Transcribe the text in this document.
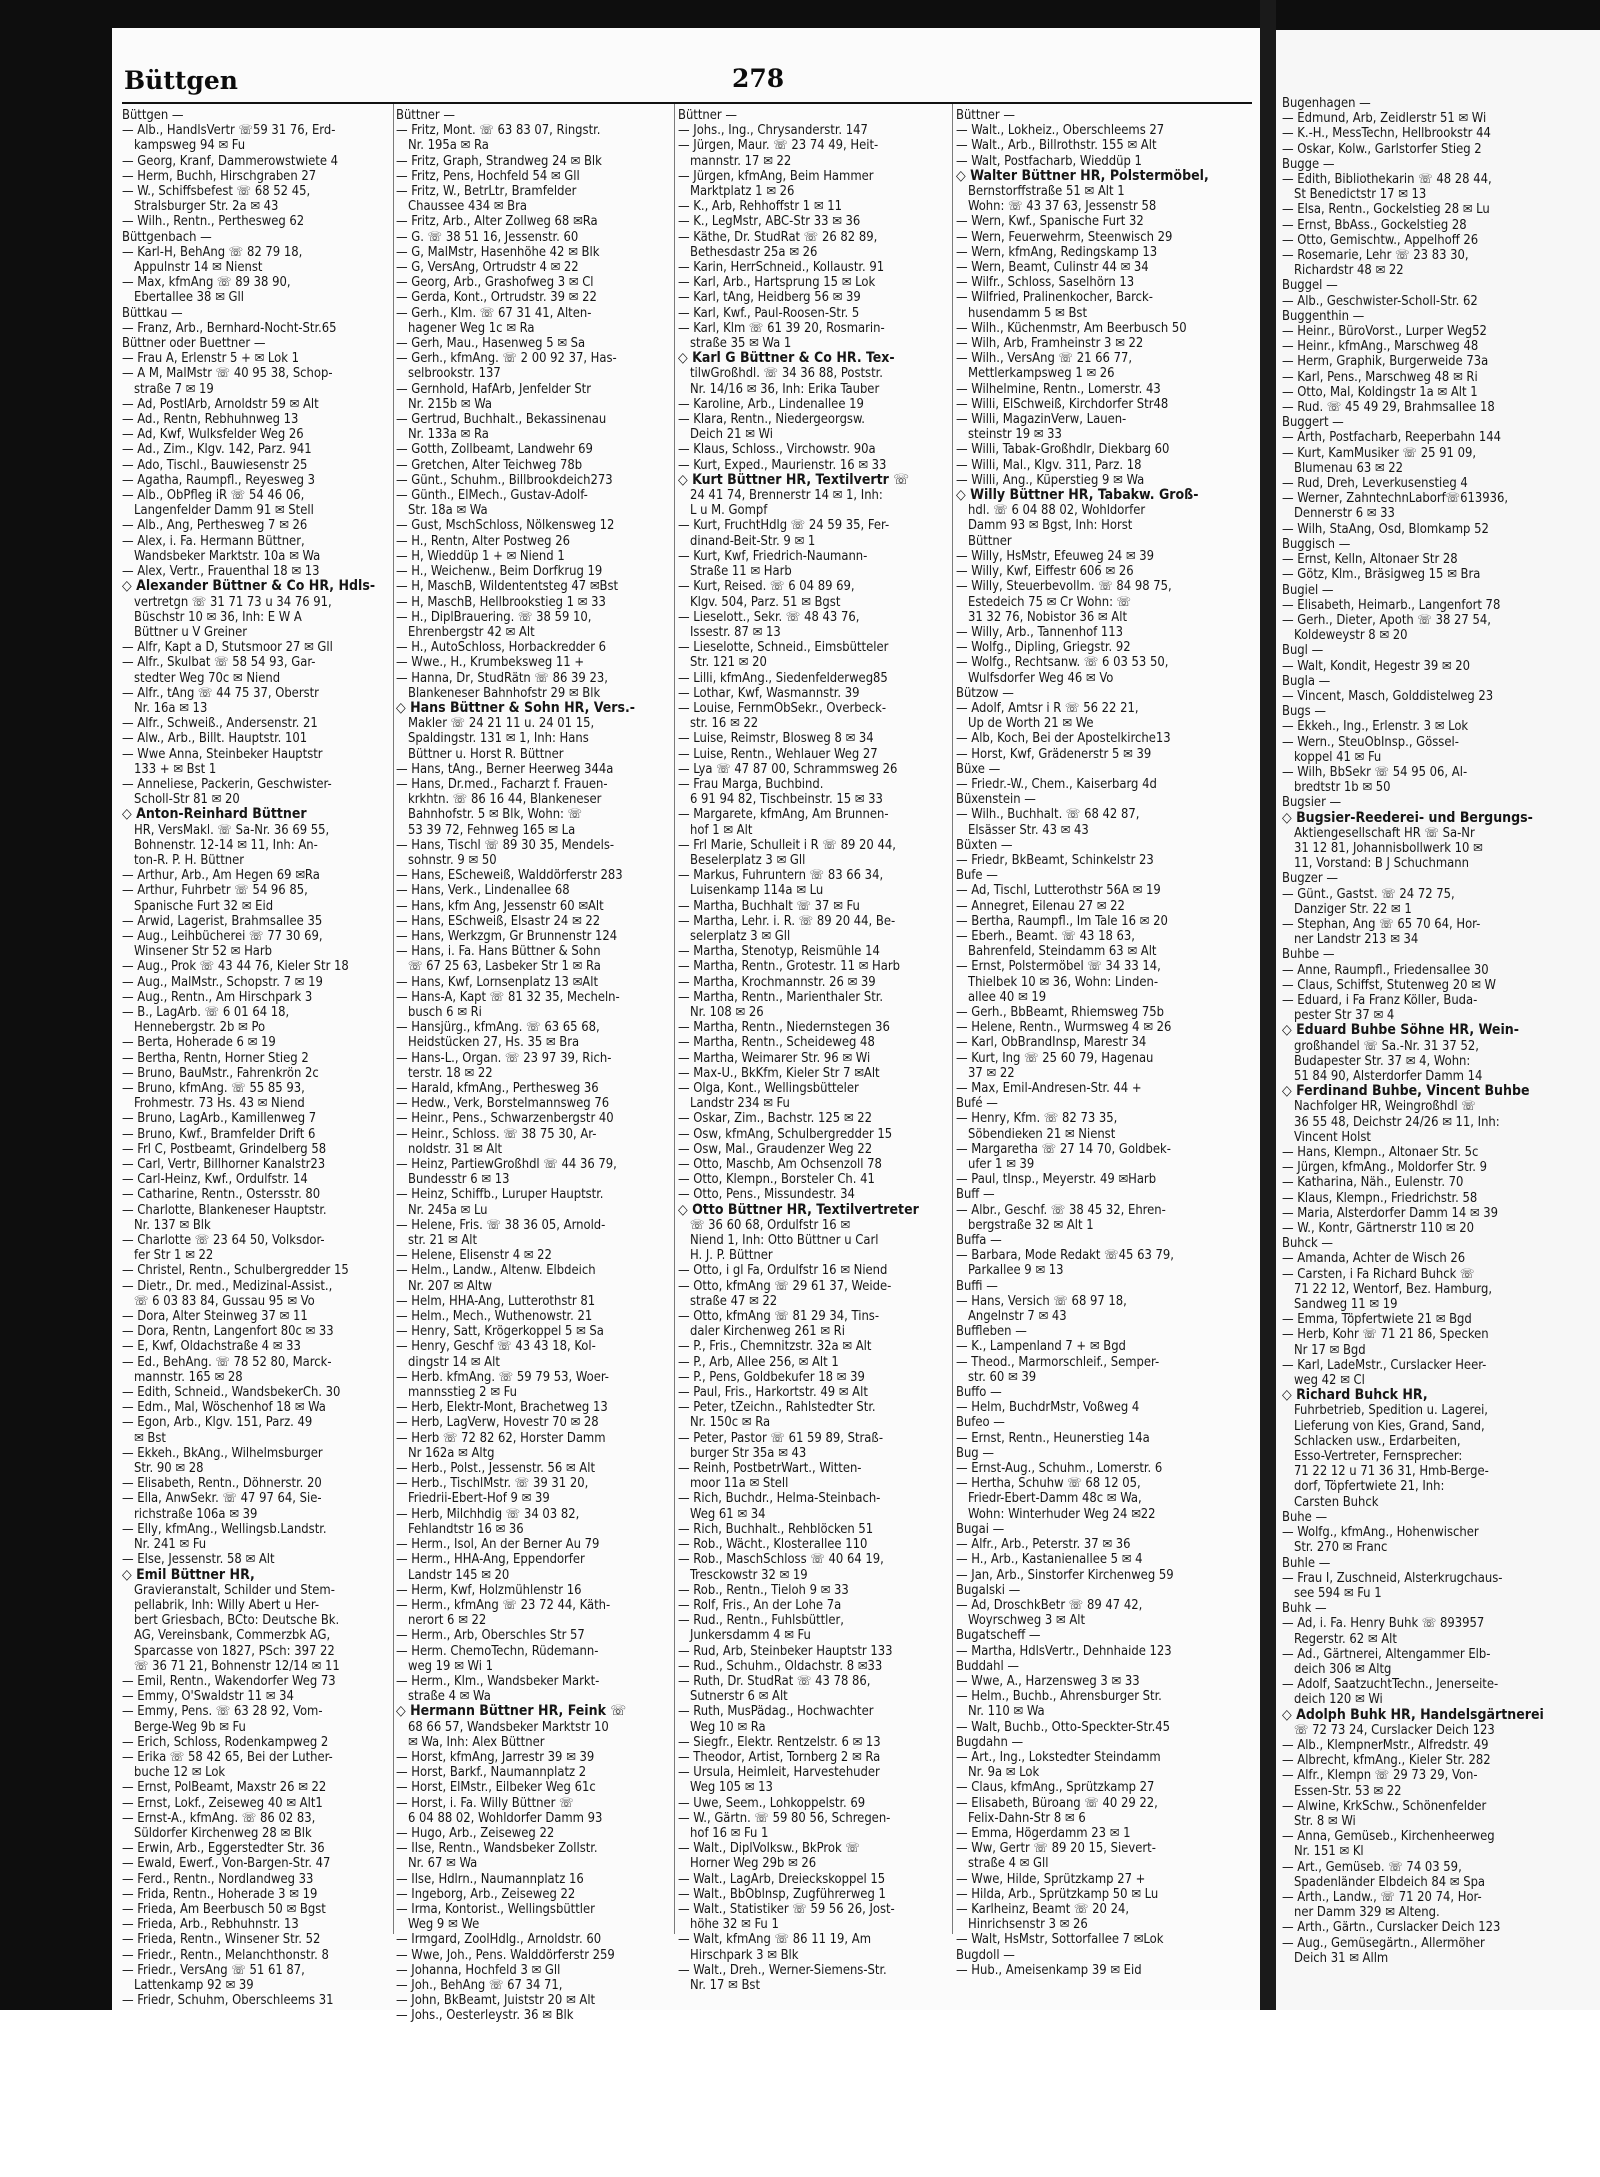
Büttgen	278
Büttgen —
— Alb., HandlsVertr ☏59 31 76, Erd-
kampsweg 94 ✉ Fu
— Georg, Kranf, Dammerowstwiete 4
— Herm, Buchh, Hirschgraben 27
— W., Schiffsbefest ☏ 68 52 45,
Stralsburger Str. 2a ✉ 43
— Wilh., Rentn., Perthesweg 62
Büttgenbach —
— Karl-H, BehAng ☏ 82 79 18,
Appulnstr 14 ✉ Nienst
— Max, kfmAng ☏ 89 38 90,
Ebertallee 38 ✉ Gll
Büttkau —
— Franz, Arb., Bernhard-Nocht-Str.65
Büttner oder Buettner —
— Frau A, Erlenstr 5 + ✉ Lok 1
— A M, MalMstr ☏ 40 95 38, Schop-
straße 7 ✉ 19
— Ad, PostlArb, Arnoldstr 59 ✉ Alt
— Ad., Rentn, Rebhuhnweg 13
— Ad, Kwf, Wulksfelder Weg 26
— Ad., Zim., Klgv. 142, Parz. 941
— Ado, Tischl., Bauwiesenstr 25
— Agatha, Raumpfl., Reyesweg 3
— Alb., ObPfleg iR ☏ 54 46 06,
Langenfelder Damm 91 ✉ Stell
— Alb., Ang, Perthesweg 7 ✉ 26
— Alex, i. Fa. Hermann Büttner,
Wandsbeker Marktstr. 10a ✉ Wa
— Alex, Vertr., Frauenthal 18 ✉ 13
◇ Alexander Büttner & Co HR, Hdls-
vertretgn ☏ 31 71 73 u 34 76 91,
Büschstr 10 ✉ 36, Inh: E W A
Büttner u V Greiner
— Alfr, Kapt a D, Stutsmoor 27 ✉ Gll
— Alfr., Skulbat ☏ 58 54 93, Gar-
stedter Weg 70c ✉ Niend
— Alfr., tAng ☏ 44 75 37, Oberstr
Nr. 16a ✉ 13
— Alfr., Schweiß., Andersenstr. 21
— Alw., Arb., Billt. Hauptstr. 101
— Wwe Anna, Steinbeker Hauptstr
133 + ✉ Bst 1
— Anneliese, Packerin, Geschwister-
Scholl-Str 81 ✉ 20
◇ Anton-Reinhard Büttner
HR, VersMakl. ☏ Sa-Nr. 36 69 55,
Bohnenstr. 12-14 ✉ 11, Inh: An-
ton-R. P. H. Büttner
— Arthur, Arb., Am Hegen 69 ✉Ra
— Arthur, Fuhrbetr ☏ 54 96 85,
Spanische Furt 32 ✉ Eid
— Arwid, Lagerist, Brahmsallee 35
— Aug., Leihbücherei ☏ 77 30 69,
Winsener Str 52 ✉ Harb
— Aug., Prok ☏ 43 44 76, Kieler Str 18
— Aug., MalMstr., Schopstr. 7 ✉ 19
— Aug., Rentn., Am Hirschpark 3
— B., LagArb. ☏ 6 01 64 18,
Hennebergstr. 2b ✉ Po
— Berta, Hoherade 6 ✉ 19
— Bertha, Rentn, Horner Stieg 2
— Bruno, BauMstr., Fahrenkrön 2c
— Bruno, kfmAng. ☏ 55 85 93,
Frohmestr. 73 Hs. 43 ✉ Niend
— Bruno, LagArb., Kamillenweg 7
— Bruno, Kwf., Bramfelder Drift 6
— Frl C, Postbeamt, Grindelberg 58
— Carl, Vertr, Billhorner Kanalstr23
— Carl-Heinz, Kwf., Ordulfstr. 14
— Catharine, Rentn., Ostersstr. 80
— Charlotte, Blankeneser Hauptstr.
Nr. 137 ✉ Blk
— Charlotte ☏ 23 64 50, Volksdor-
fer Str 1 ✉ 22
— Christel, Rentn., Schulbergredder 15
— Dietr., Dr. med., Medizinal-Assist.,
☏ 6 03 83 84, Gussau 95 ✉ Vo
— Dora, Alter Steinweg 37 ✉ 11
— Dora, Rentn, Langenfort 80c ✉ 33
— E, Kwf, Oldachstraße 4 ✉ 33
— Ed., BehAng. ☏ 78 52 80, Marck-
mannstr. 165 ✉ 28
— Edith, Schneid., WandsbekerCh. 30
— Edm., Mal, Wöschenhof 18 ✉ Wa
— Egon, Arb., Klgv. 151, Parz. 49
✉ Bst
— Ekkeh., BkAng., Wilhelmsburger
Str. 90 ✉ 28
— Elisabeth, Rentn., Döhnerstr. 20
— Ella, AnwSekr. ☏ 47 97 64, Sie-
richstraße 106a ✉ 39
— Elly, kfmAng., Wellingsb.Landstr.
Nr. 241 ✉ Fu
— Else, Jessenstr. 58 ✉ Alt
◇ Emil Büttner HR,
Gravieranstalt, Schilder und Stem-
pellabrik, Inh: Willy Abert u Her-
bert Griesbach, BCto: Deutsche Bk.
AG, Vereinsbank, Commerzbk AG,
Sparcasse von 1827, PSch: 397 22
☏ 36 71 21, Bohnenstr 12/14 ✉ 11
— Emil, Rentn., Wakendorfer Weg 73
— Emmy, O'Swaldstr 11 ✉ 34
— Emmy, Pens. ☏ 63 28 92, Vom-
Berge-Weg 9b ✉ Fu
— Erich, Schloss, Rodenkampweg 2
— Erika ☏ 58 42 65, Bei der Luther-
buche 12 ✉ Lok
— Ernst, PolBeamt, Maxstr 26 ✉ 22
— Ernst, Lokf., Zeiseweg 40 ✉ Alt1
— Ernst-A., kfmAng. ☏ 86 02 83,
Süldorfer Kirchenweg 28 ✉ Blk
— Erwin, Arb., Eggerstedter Str. 36
— Ewald, Ewerf., Von-Bargen-Str. 47
— Ferd., Rentn., Nordlandweg 33
— Frida, Rentn., Hoherade 3 ✉ 19
— Frieda, Am Beerbusch 50 ✉ Bgst
— Frieda, Arb., Rebhuhnstr. 13
— Frieda, Rentn., Winsener Str. 52
— Friedr., Rentn., Melanchthonstr. 8
— Friedr., VersAng ☏ 51 61 87,
Lattenkamp 92 ✉ 39
— Friedr, Schuhm, Oberschleems 31
Büttner —
— Fritz, Mont. ☏ 63 83 07, Ringstr.
Nr. 195a ✉ Ra
— Fritz, Graph, Strandweg 24 ✉ Blk
— Fritz, Pens, Hochfeld 54 ✉ Gll
— Fritz, W., BetrLtr, Bramfelder
Chaussee 434 ✉ Bra
— Fritz, Arb., Alter Zollweg 68 ✉Ra
— G. ☏ 38 51 16, Jessenstr. 60
— G, MalMstr, Hasenhöhe 42 ✉ Blk
— G, VersAng, Ortrudstr 4 ✉ 22
— Georg, Arb., Grashofweg 3 ✉ Cl
— Gerda, Kont., Ortrudstr. 39 ✉ 22
— Gerh., Klm. ☏ 67 31 41, Alten-
hagener Weg 1c ✉ Ra
— Gerh, Mau., Hasenweg 5 ✉ Sa
— Gerh., kfmAng. ☏ 2 00 92 37, Has-
selbrookstr. 137
— Gernhold, HafArb, Jenfelder Str
Nr. 215b ✉ Wa
— Gertrud, Buchhalt., Bekassinenau
Nr. 133a ✉ Ra
— Gotth, Zollbeamt, Landwehr 69
— Gretchen, Alter Teichweg 78b
— Günt., Schuhm., Billbrookdeich273
— Günth., ElMech., Gustav-Adolf-
Str. 18a ✉ Wa
— Gust, MschSchloss, Nölkensweg 12
— H., Rentn, Alter Postweg 26
— H, Wieddüp 1 + ✉ Niend 1
— H., Weichenw., Beim Dorfkrug 19
— H, MaschB, Wildententsteg 47 ✉Bst
— H, MaschB, Hellbrookstieg 1 ✉ 33
— H., DiplBrauering. ☏ 38 59 10,
Ehrenbergstr 42 ✉ Alt
— H., AutoSchloss, Horbackredder 6
— Wwe., H., Krumbeksweg 11 +
— Hanna, Dr, StudRätn ☏ 86 39 23,
Blankeneser Bahnhofstr 29 ✉ Blk
◇ Hans Büttner & Sohn HR, Vers.-
Makler ☏ 24 21 11 u. 24 01 15,
Spaldingstr. 131 ✉ 1, Inh: Hans
Büttner u. Horst R. Büttner
— Hans, tAng., Berner Heerweg 344a
— Hans, Dr.med., Facharzt f. Frauen-
krkhtn. ☏ 86 16 44, Blankeneser
Bahnhofstr. 5 ✉ Blk, Wohn: ☏
53 39 72, Fehnweg 165 ✉ La
— Hans, Tischl ☏ 89 30 35, Mendels-
sohnstr. 9 ✉ 50
— Hans, EScheweiß, Walddörferstr 283
— Hans, Verk., Lindenallee 68
— Hans, kfm Ang, Jessenstr 60 ✉Alt
— Hans, ESchweiß, Elsastr 24 ✉ 22
— Hans, Werkzgm, Gr Brunnenstr 124
— Hans, i. Fa. Hans Büttner & Sohn
☏ 67 25 63, Lasbeker Str 1 ✉ Ra
— Hans, Kwf, Lornsenplatz 13 ✉Alt
— Hans-A, Kapt ☏ 81 32 35, Mecheln-
busch 6 ✉ Ri
— Hansjürg., kfmAng. ☏ 63 65 68,
Heidstücken 27, Hs. 35 ✉ Bra
— Hans-L., Organ. ☏ 23 97 39, Rich-
terstr. 18 ✉ 22
— Harald, kfmAng., Perthesweg 36
— Hedw., Verk, Borstelmannsweg 76
— Heinr., Pens., Schwarzenbergstr 40
— Heinr., Schloss. ☏ 38 75 30, Ar-
noldstr. 31 ✉ Alt
— Heinz, PartiewGroßhdl ☏ 44 36 79,
Bundesstr 6 ✉ 13
— Heinz, Schiffb., Luruper Hauptstr.
Nr. 245a ✉ Lu
— Helene, Fris. ☏ 38 36 05, Arnold-
str. 21 ✉ Alt
— Helene, Elisenstr 4 ✉ 22
— Helm., Landw., Altenw. Elbdeich
Nr. 207 ✉ Altw
— Helm, HHA-Ang, Lutterothstr 81
— Helm., Mech., Wuthenowstr. 21
— Henry, Satt, Krögerkoppel 5 ✉ Sa
— Henry, Geschf ☏ 43 43 18, Kol-
dingstr 14 ✉ Alt
— Herb. kfmAng. ☏ 59 79 53, Woer-
mannsstieg 2 ✉ Fu
— Herb, Elektr-Mont, Brachetweg 13
— Herb, LagVerw, Hovestr 70 ✉ 28
— Herb ☏ 72 82 62, Horster Damm
Nr 162a ✉ Altg
— Herb., Polst., Jessenstr. 56 ✉ Alt
— Herb., TischlMstr. ☏ 39 31 20,
Friedrii-Ebert-Hof 9 ✉ 39
— Herb, Milchhdig ☏ 34 03 82,
Fehlandtstr 16 ✉ 36
— Herm., Isol, An der Berner Au 79
— Herm., HHA-Ang, Eppendorfer
Landstr 145 ✉ 20
— Herm, Kwf, Holzmühlenstr 16
— Herm., kfmAng ☏ 23 72 44, Käth-
nerort 6 ✉ 22
— Herm., Arb, Oberschles Str 57
— Herm. ChemoTechn, Rüdemann-
weg 19 ✉ Wi 1
— Herm., Klm., Wandsbeker Markt-
straße 4 ✉ Wa
◇ Hermann Büttner HR, Feink ☏
68 66 57, Wandsbeker Marktstr 10
✉ Wa, Inh: Alex Büttner
— Horst, kfmAng, Jarrestr 39 ✉ 39
— Horst, Barkf., Naumannplatz 2
— Horst, ElMstr., Eilbeker Weg 61c
— Horst, i. Fa. Willy Büttner ☏
6 04 88 02, Wohldorfer Damm 93
— Hugo, Arb., Zeiseweg 22
— Ilse, Rentn., Wandsbeker Zollstr.
Nr. 67 ✉ Wa
— Ilse, Hdlrn., Naumannplatz 16
— Ingeborg, Arb., Zeiseweg 22
— Irma, Kontorist., Wellingsbüttler
Weg 9 ✉ We
— Irmgard, ZoolHdlg., Arnoldstr. 60
— Wwe, Joh., Pens. Walddörferstr 259
— Johanna, Hochfeld 3 ✉ Gll
— Joh., BehAng ☏ 67 34 71,
— John, BkBeamt, Juiststr 20 ✉ Alt
— Johs., Oesterleystr. 36 ✉ Blk
Büttner —
— Johs., Ing., Chrysanderstr. 147
— Jürgen, Maur. ☏ 23 74 49, Heit-
mannstr. 17 ✉ 22
— Jürgen, kfmAng, Beim Hammer
Marktplatz 1 ✉ 26
— K., Arb, Rehhoffstr 1 ✉ 11
— K., LegMstr, ABC-Str 33 ✉ 36
— Käthe, Dr. StudRat ☏ 26 82 89,
Bethesdastr 25a ✉ 26
— Karin, HerrSchneid., Kollaustr. 91
— Karl, Arb., Hartsprung 15 ✉ Lok
— Karl, tAng, Heidberg 56 ✉ 39
— Karl, Kwf., Paul-Roosen-Str. 5
— Karl, Klm ☏ 61 39 20, Rosmarin-
straße 35 ✉ Wa 1
◇ Karl G Büttner & Co HR. Tex-
tilwGroßhdl. ☏ 34 36 88, Poststr.
Nr. 14/16 ✉ 36, Inh: Erika Tauber
— Karoline, Arb., Lindenallee 19
— Klara, Rentn., Niedergeorgsw.
Deich 21 ✉ Wi
— Klaus, Schloss., Virchowstr. 90a
— Kurt, Exped., Maurienstr. 16 ✉ 33
◇ Kurt Büttner HR, Textilvertr ☏
24 41 74, Brennerstr 14 ✉ 1, Inh:
L u M. Gompf
— Kurt, FruchtHdlg ☏ 24 59 35, Fer-
dinand-Beit-Str. 9 ✉ 1
— Kurt, Kwf, Friedrich-Naumann-
Straße 11 ✉ Harb
— Kurt, Reised. ☏ 6 04 89 69,
Klgv. 504, Parz. 51 ✉ Bgst
— Lieselott., Sekr. ☏ 48 43 76,
Issestr. 87 ✉ 13
— Lieselotte, Schneid., Eimsbütteler
Str. 121 ✉ 20
— Lilli, kfmAng., Siedenfelderweg85
— Lothar, Kwf, Wasmannstr. 39
— Louise, FernmObSekr., Overbeck-
str. 16 ✉ 22
— Luise, Reimstr, Blosweg 8 ✉ 34
— Luise, Rentn., Wehlauer Weg 27
— Lya ☏ 47 87 00, Schrammsweg 26
— Frau Marga, Buchbind.
6 91 94 82, Tischbeinstr. 15 ✉ 33
— Margarete, kfmAng, Am Brunnen-
hof 1 ✉ Alt
— Frl Marie, Schulleit i R ☏ 89 20 44,
Beselerplatz 3 ✉ Gll
— Markus, Fuhruntern ☏ 83 66 34,
Luisenkamp 114a ✉ Lu
— Martha, Buchhalt ☏ 37 ✉ Fu
— Martha, Lehr. i. R. ☏ 89 20 44, Be-
selerplatz 3 ✉ Gll
— Martha, Stenotyp, Reismühle 14
— Martha, Rentn., Grotestr. 11 ✉ Harb
— Martha, Krochmannstr. 26 ✉ 39
— Martha, Rentn., Marienthaler Str.
Nr. 108 ✉ 26
— Martha, Rentn., Niedernstegen 36
— Martha, Rentn., Scheideweg 48
— Martha, Weimarer Str. 96 ✉ Wi
— Max-U., BkKfm, Kieler Str 7 ✉Alt
— Olga, Kont., Wellingsbütteler
Landstr 234 ✉ Fu
— Oskar, Zim., Bachstr. 125 ✉ 22
— Osw, kfmAng, Schulbergredder 15
— Osw, Mal., Graudenzer Weg 22
— Otto, Maschb, Am Ochsenzoll 78
— Otto, Klempn., Borsteler Ch. 41
— Otto, Pens., Missundestr. 34
◇ Otto Büttner HR, Textilvertreter
☏ 36 60 68, Ordulfstr 16 ✉
Niend 1, Inh: Otto Büttner u Carl
H. J. P. Büttner
— Otto, i gl Fa, Ordulfstr 16 ✉ Niend
— Otto, kfmAng ☏ 29 61 37, Weide-
straße 47 ✉ 22
— Otto, kfmAng ☏ 81 29 34, Tins-
daler Kirchenweg 261 ✉ Ri
— P., Fris., Chemnitzstr. 32a ✉ Alt
— P., Arb, Allee 256, ✉ Alt 1
— P., Pens, Goldbekufer 18 ✉ 39
— Paul, Fris., Harkortstr. 49 ✉ Alt
— Peter, tZeichn., Rahlstedter Str.
Nr. 150c ✉ Ra
— Peter, Pastor ☏ 61 59 89, Straß-
burger Str 35a ✉ 43
— Reinh, PostbetrWart., Witten-
moor 11a ✉ Stell
— Rich, Buchdr., Helma-Steinbach-
Weg 61 ✉ 34
— Rich, Buchhalt., Rehblöcken 51
— Rob., Wächt., Klosterallee 110
— Rob., MaschSchloss ☏ 40 64 19,
Tresckowstr 32 ✉ 19
— Rob., Rentn., Tieloh 9 ✉ 33
— Rolf, Fris., An der Lohe 7a
— Rud., Rentn., Fuhlsbüttler,
Junkersdamm 4 ✉ Fu
— Rud, Arb, Steinbeker Hauptstr 133
— Rud., Schuhm., Oldachstr. 8 ✉33
— Ruth, Dr. StudRat ☏ 43 78 86,
Sutnerstr 6 ✉ Alt
— Ruth, MusPädag., Hochwachter
Weg 10 ✉ Ra
— Siegfr., Elektr. Rentzelstr. 6 ✉ 13
— Theodor, Artist, Tornberg 2 ✉ Ra
— Ursula, Heimleit, Harvestehuder
Weg 105 ✉ 13
— Uwe, Seem., Lohkoppelstr. 69
— W., Gärtn. ☏ 59 80 56, Schregen-
hof 16 ✉ Fu 1
— Walt., DiplVolksw., BkProk ☏
Horner Weg 29b ✉ 26
— Walt., LagArb, Dreieckskoppel 15
— Walt., BbOblnsp, Zugführerweg 1
— Walt., Statistiker ☏ 59 56 26, Jost-
höhe 32 ✉ Fu 1
— Walt, kfmAng ☏ 86 11 19, Am
Hirschpark 3 ✉ Blk
— Walt., Dreh., Werner-Siemens-Str.
Nr. 17 ✉ Bst
Büttner —
— Walt., Lokheiz., Oberschleems 27
— Walt., Arb., Billrothstr. 155 ✉ Alt
— Walt, Postfacharb, Wieddüp 1
◇ Walter Büttner HR, Polstermöbel,
Bernstorffstraße 51 ✉ Alt 1
Wohn: ☏ 43 37 63, Jessenstr 58
— Wern, Kwf., Spanische Furt 32
— Wern, Feuerwehrm, Steenwisch 29
— Wern, kfmAng, Redingskamp 13
— Wern, Beamt, Culinstr 44 ✉ 34
— Wilfr., Schloss, Saselhörn 13
— Wilfried, Pralinenkocher, Barck-
husendamm 5 ✉ Bst
— Wilh., Küchenmstr, Am Beerbusch 50
— Wilh, Arb, Framheinstr 3 ✉ 22
— Wilh., VersAng ☏ 21 66 77,
Mettlerkampsweg 1 ✉ 26
— Wilhelmine, Rentn., Lomerstr. 43
— Willi, ElSchweiß, Kirchdorfer Str48
— Willi, MagazinVerw, Lauen-
steinstr 19 ✉ 33
— Willi, Tabak-Großhdlr, Diekbarg 60
— Willi, Mal., Klgv. 311, Parz. 18
— Willi, Ang., Küperstieg 9 ✉ Wa
◇ Willy Büttner HR, Tabakw. Groß-
hdl. ☏ 6 04 88 02, Wohldorfer
Damm 93 ✉ Bgst, Inh: Horst
Büttner
— Willy, HsMstr, Efeuweg 24 ✉ 39
— Willy, Kwf, Eiffestr 606 ✉ 26
— Willy, Steuerbevollm. ☏ 84 98 75,
Estedeich 75 ✉ Cr Wohn: ☏
31 32 76, Nobistor 36 ✉ Alt
— Willy, Arb., Tannenhof 113
— Wolfg., Dipling, Griegstr. 92
— Wolfg., Rechtsanw. ☏ 6 03 53 50,
Wulfsdorfer Weg 46 ✉ Vo
Bützow —
— Adolf, Amtsr i R ☏ 56 22 21,
Up de Worth 21 ✉ We
— Alb, Koch, Bei der Apostelkirche13
— Horst, Kwf, Grädenerstr 5 ✉ 39
Büxe —
— Friedr.-W., Chem., Kaiserbarg 4d
Büxenstein —
— Wilh., Buchhalt. ☏ 68 42 87,
Elsässer Str. 43 ✉ 43
Büxten —
— Friedr, BkBeamt, Schinkelstr 23
Bufe —
— Ad, Tischl, Lutterothstr 56A ✉ 19
— Annegret, Eilenau 27 ✉ 22
— Bertha, Raumpfl., Im Tale 16 ✉ 20
— Eberh., Beamt. ☏ 43 18 63,
Bahrenfeld, Steindamm 63 ✉ Alt
— Ernst, Polstermöbel ☏ 34 33 14,
Thielbek 10 ✉ 36, Wohn: Linden-
allee 40 ✉ 19
— Gerh., BbBeamt, Rhiemsweg 75b
— Helene, Rentn., Wurmsweg 4 ✉ 26
— Karl, ObBrandInsp, Marestr 34
— Kurt, Ing ☏ 25 60 79, Hagenau
37 ✉ 22
— Max, Emil-Andresen-Str. 44 +
Bufé —
— Henry, Kfm. ☏ 82 73 35,
Söbendieken 21 ✉ Nienst
— Margaretha ☏ 27 14 70, Goldbek-
ufer 1 ✉ 39
— Paul, tInsp., Meyerstr. 49 ✉Harb
Buff —
— Albr., Geschf. ☏ 38 45 32, Ehren-
bergstraße 32 ✉ Alt 1
Buffa —
— Barbara, Mode Redakt ☏45 63 79,
Parkallee 9 ✉ 13
Buffi —
— Hans, Versich ☏ 68 97 18,
Angelnstr 7 ✉ 43
Buffleben —
— K., Lampenland 7 + ✉ Bgd
— Theod., Marmorschleif., Semper-
str. 60 ✉ 39
Buffo —
— Helm, BuchdrMstr, Voßweg 4
Bufeo —
— Ernst, Rentn., Heunerstieg 14a
Bug —
— Ernst-Aug., Schuhm., Lomerstr. 6
— Hertha, Schuhw ☏ 68 12 05,
Friedr-Ebert-Damm 48c ✉ Wa,
Wohn: Winterhuder Weg 24 ✉22
Bugai —
— Alfr., Arb., Peterstr. 37 ✉ 36
— H., Arb., Kastanienallee 5 ✉ 4
— Jan, Arb., Sinstorfer Kirchenweg 59
Bugalski —
— Ad, DroschkBetr ☏ 89 47 42,
Woyrschweg 3 ✉ Alt
Bugatscheff —
— Martha, HdlsVertr., Dehnhaide 123
Buddahl —
— Wwe, A., Harzensweg 3 ✉ 33
— Helm., Buchb., Ahrensburger Str.
Nr. 110 ✉ Wa
— Walt, Buchb., Otto-Speckter-Str.45
Bugdahn —
— Art., Ing., Lokstedter Steindamm
Nr. 9a ✉ Lok
— Claus, kfmAng., Sprützkamp 27
— Elisabeth, Büroang ☏ 40 29 22,
Felix-Dahn-Str 8 ✉ 6
— Emma, Högerdamm 23 ✉ 1
— Ww, Gertr ☏ 89 20 15, Sievert-
straße 4 ✉ Gll
— Wwe, Hilde, Sprützkamp 27 +
— Hilda, Arb., Sprützkamp 50 ✉ Lu
— Karlheinz, Beamt ☏ 20 24,
Hinrichsenstr 3 ✉ 26
— Walt, HsMstr, Sottorfallee 7 ✉Lok
Bugdoll —
— Hub., Ameisenkamp 39 ✉ Eid
Bugenhagen —
— Edmund, Arb, Zeidlerstr 51 ✉ Wi
— K.-H., MessTechn, Hellbrookstr 44
— Oskar, Kolw., Garlstorfer Stieg 2
Bugge —
— Edith, Bibliothekarin ☏ 48 28 44,
St Benedictstr 17 ✉ 13
— Elsa, Rentn., Gockelstieg 28 ✉ Lu
— Ernst, BbAss., Gockelstieg 28
— Otto, Gemischtw., Appelhoff 26
— Rosemarie, Lehr ☏ 23 83 30,
Richardstr 48 ✉ 22
Buggel —
— Alb., Geschwister-Scholl-Str. 62
Buggenthin —
— Heinr., BüroVorst., Lurper Weg52
— Heinr., kfmAng., Marschweg 48
— Herm, Graphik, Burgerweide 73a
— Karl, Pens., Marschweg 48 ✉ Ri
— Otto, Mal, Koldingstr 1a ✉ Alt 1
— Rud. ☏ 45 49 29, Brahmsallee 18
Buggert —
— Arth, Postfacharb, Reeperbahn 144
— Kurt, KamMusiker ☏ 25 91 09,
Blumenau 63 ✉ 22
— Rud, Dreh, Leverkusenstieg 4
— Werner, ZahntechnLaborf☏613936,
Dennerstr 6 ✉ 33
— Wilh, StaAng, Osd, Blomkamp 52
Buggisch —
— Ernst, Kelln, Altonaer Str 28
— Götz, Klm., Bräsigweg 15 ✉ Bra
Bugiel —
— Elisabeth, Heimarb., Langenfort 78
— Gerh., Dieter, Apoth ☏ 38 27 54,
Koldeweystr 8 ✉ 20
Bugl —
— Walt, Kondit, Hegestr 39 ✉ 20
Bugla —
— Vincent, Masch, Golddistelweg 23
Bugs —
— Ekkeh., Ing., Erlenstr. 3 ✉ Lok
— Wern., SteuObInsp., Gössel-
koppel 41 ✉ Fu
— Wilh, BbSekr ☏ 54 95 06, Al-
bredtstr 1b ✉ 50
Bugsier —
◇ Bugsier-Reederei- und Bergungs-
Aktiengesellschaft HR ☏ Sa-Nr
31 12 81, Johannisbollwerk 10 ✉
11, Vorstand: B J Schuchmann
Bugzer —
— Günt., Gastst. ☏ 24 72 75,
Danziger Str. 22 ✉ 1
— Stephan, Ang ☏ 65 70 64, Hor-
ner Landstr 213 ✉ 34
Buhbe —
— Anne, Raumpfl., Friedensallee 30
— Claus, Schiffst, Stutenweg 20 ✉ W
— Eduard, i Fa Franz Köller, Buda-
pester Str 37 ✉ 4
◇ Eduard Buhbe Söhne HR, Wein-
großhandel ☏ Sa.-Nr. 31 37 52,
Budapester Str. 37 ✉ 4, Wohn:
51 84 90, Alsterdorfer Damm 14
◇ Ferdinand Buhbe, Vincent Buhbe
Nachfolger HR, Weingroßhdl ☏
36 55 48, Deichstr 24/26 ✉ 11, Inh:
Vincent Holst
— Hans, Klempn., Altonaer Str. 5c
— Jürgen, kfmAng., Moldorfer Str. 9
— Katharina, Näh., Eulenstr. 70
— Klaus, Klempn., Friedrichstr. 58
— Maria, Alsterdorfer Damm 14 ✉ 39
— W., Kontr, Gärtnerstr 110 ✉ 20
Buhck —
— Amanda, Achter de Wisch 26
— Carsten, i Fa Richard Buhck ☏
71 22 12, Wentorf, Bez. Hamburg,
Sandweg 11 ✉ 19
— Emma, Töpfertwiete 21 ✉ Bgd
— Herb, Kohr ☏ 71 21 86, Specken
Nr 17 ✉ Bgd
— Karl, LadeMstr., Curslacker Heer-
weg 42 ✉ Cl
◇ Richard Buhck HR,
Fuhrbetrieb, Spedition u. Lagerei,
Lieferung von Kies, Grand, Sand,
Schlacken usw., Erdarbeiten,
Esso-Vertreter, Fernsprecher:
71 22 12 u 71 36 31, Hmb-Berge-
dorf, Töpfertwiete 21, Inh:
Carsten Buhck
Buhe —
— Wolfg., kfmAng., Hohenwischer
Str. 270 ✉ Franc
Buhle —
— Frau I, Zuschneid, Alsterkrugchaus-
see 594 ✉ Fu 1
Buhk —
— Ad, i. Fa. Henry Buhk ☏ 893957
Regerstr. 62 ✉ Alt
— Ad., Gärtnerei, Altengammer Elb-
deich 306 ✉ Altg
— Adolf, SaatzuchtTechn., Jenerseite-
deich 120 ✉ Wi
◇ Adolph Buhk HR, Handelsgärtnerei
☏ 72 73 24, Curslacker Deich 123
— Alb., KlempnerMstr., Alfredstr. 49
— Albrecht, kfmAng., Kieler Str. 282
— Alfr., Klempn ☏ 29 73 29, Von-
Essen-Str. 53 ✉ 22
— Alwine, KrkSchw., Schönenfelder
Str. 8 ✉ Wi
— Anna, Gemüseb., Kirchenheerweg
Nr. 151 ✉ Kl
— Art., Gemüseb. ☏ 74 03 59,
Spadenländer Elbdeich 84 ✉ Spa
— Arth., Landw., ☏ 71 20 74, Hor-
ner Damm 329 ✉ Alteng.
— Arth., Gärtn., Curslacker Deich 123
— Aug., Gemüsegärtn., Allermöher
Deich 31 ✉ Allm
